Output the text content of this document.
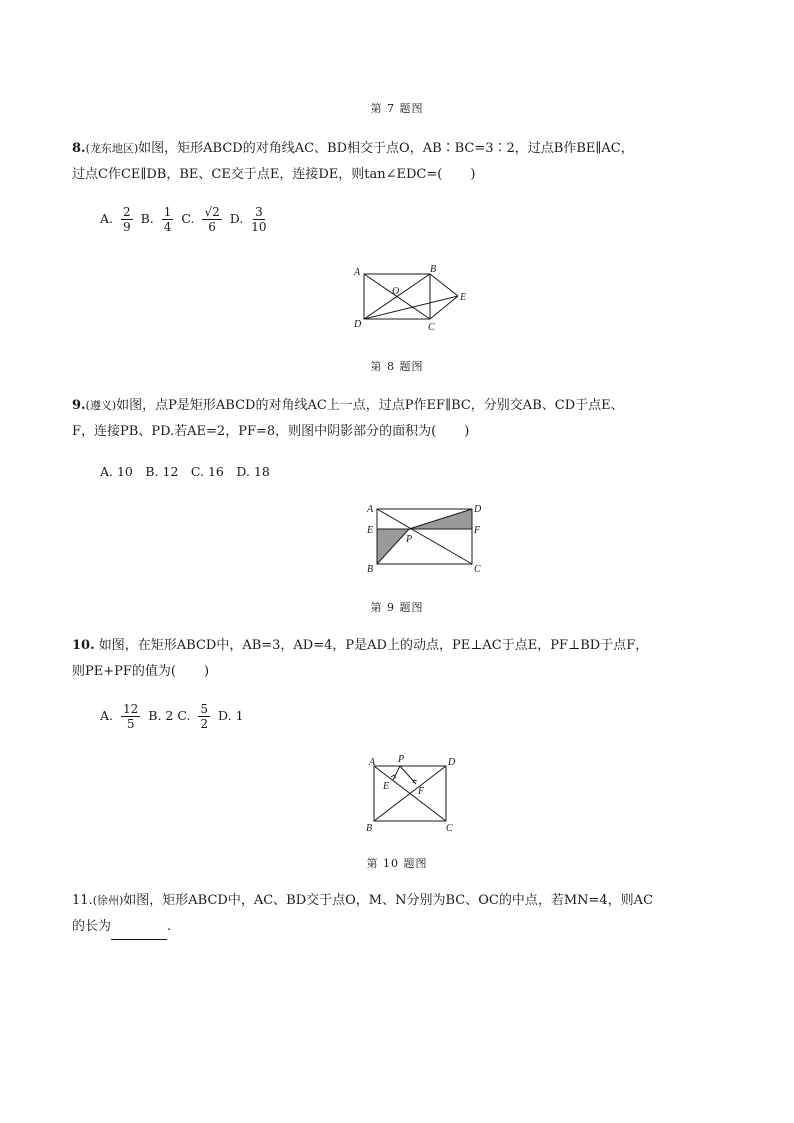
第 7 题图
8.(龙东地区)如图，矩形ABCD的对角线AC、BD相交于点O，AB∶BC=3∶2，过点B作BE∥AC，
过点C作CE∥DB，BE、CE交于点E，连接DE，则tan∠EDC=( )
A. $\frac{2}{9} B$. $\frac{1}{4} C$. $\frac{√2}{6} D$. $\frac{3}{10}$
A	B
C
D
O
E
第 8 题图
9.(遵义)如图，点P是矩形ABCD的对角线AC上一点，过点P作EF∥BC，分别交AB、CD于点E、
F，连接PB、PD.若AE=2，PF=8，则图中阴影部分的面积为( )
A. 10　B. 12　C. 16　D. 18
A	D
E	F
P
B	C
第 9 题图
10. 如图，在矩形ABCD中，AB=3，AD=4，P是AD上的动点，PE⊥AC于点E，PF⊥BD于点F，
则PE+PF的值为( )
A. $\frac{12}{5} B$. 2 C. $\frac{5}{2} D$. 1
A P	D
E	F
B	C
第 10 题图
11.(徐州)如图，矩形ABCD中，AC、BD交于点O，M、N分别为BC、OC的中点，若MN=4，则AC
的长为	.
